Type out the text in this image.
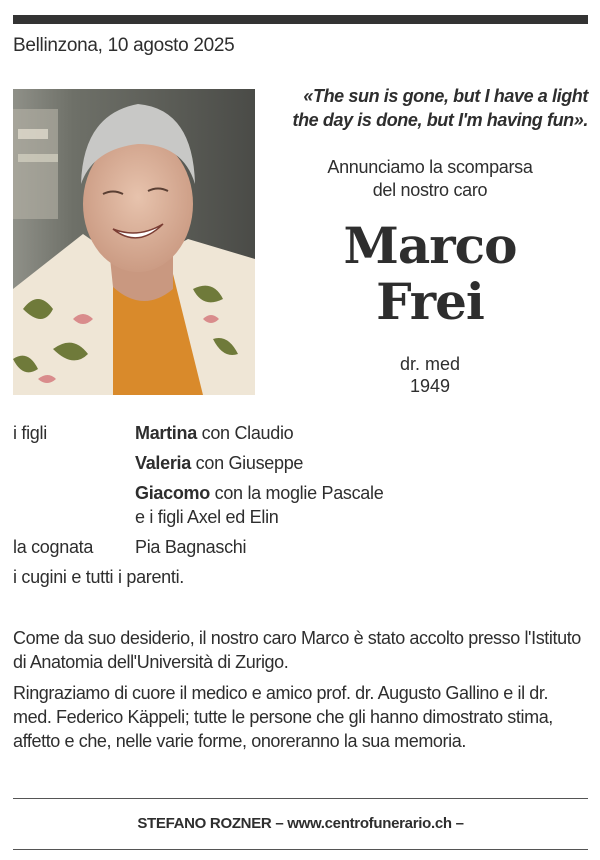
Bellinzona, 10 agosto 2025
«The sun is gone, but I have a light
the day is done, but I'm having fun».
Annunciamo la scomparsa
del nostro caro
Marco
Frei
dr. med
1949
i figli	Martina con Claudio
Valeria con Giuseppe
Giacomo con la moglie Pascale
e i figli Axel ed Elin
la cognata	Pia Bagnaschi
i cugini e tutti i parenti.

Come da suo desiderio, il nostro caro Marco è stato accolto presso l'Istituto di Anatomia dell'Università di Zurigo.

Ringraziamo di cuore il medico e amico prof. dr. Augusto Gallino e il dr. med. Federico Käppeli; tutte le persone che gli hanno dimostrato stima, affetto e che, nelle varie forme, onoreranno la sua memoria.

STEFANO ROZNER – www.centrofunerario.ch –
